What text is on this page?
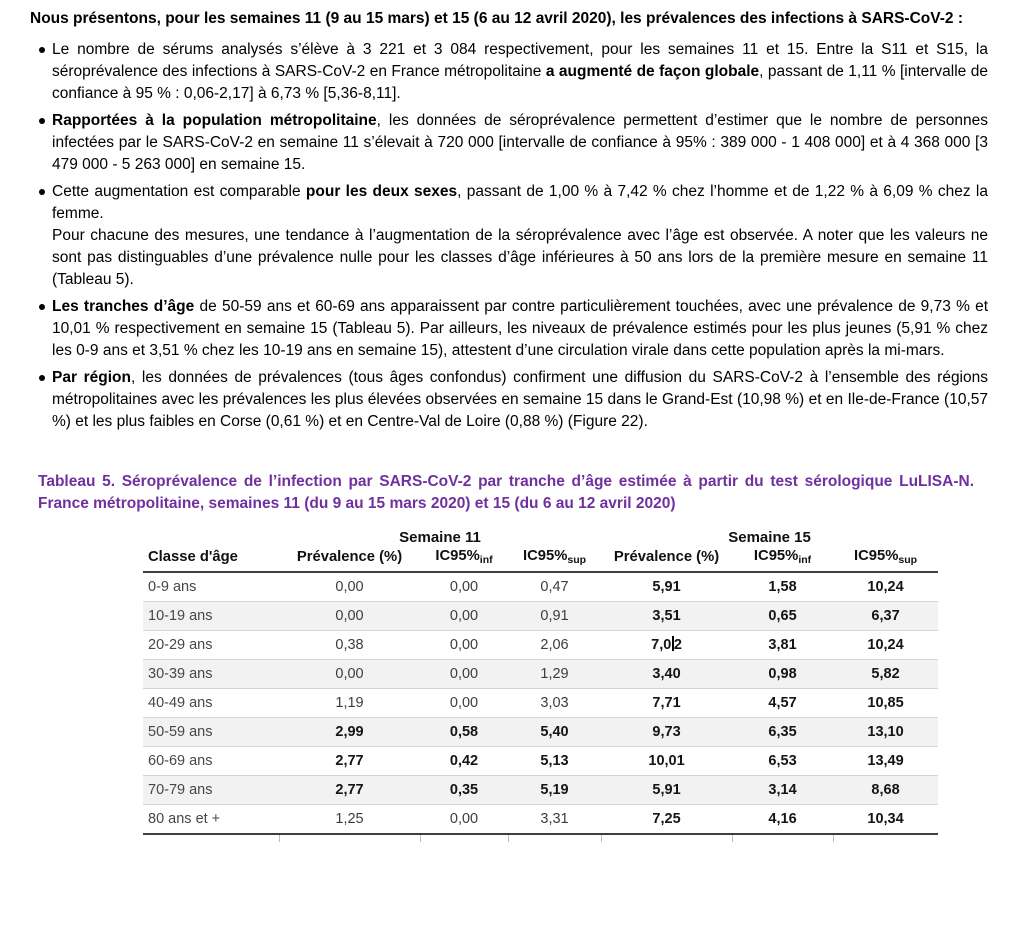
Nous présentons, pour les semaines 11 (9 au 15 mars) et 15 (6 au 12 avril 2020), les prévalences des infections à SARS-CoV-2 :

Le nombre de sérums analysés s’élève à 3 221 et 3 084 respectivement, pour les semaines 11 et 15. Entre la S11 et S15, la séroprévalence des infections à SARS-CoV-2 en France métropolitaine a augmenté de façon globale, passant de 1,11 % [intervalle de confiance à 95 % : 0,06-2,17] à 6,73 % [5,36-8,11].

Rapportées à la population métropolitaine, les données de séroprévalence permettent d’estimer que le nombre de personnes infectées par le SARS-CoV-2 en semaine 11 s’élevait à 720 000 [intervalle de confiance à 95% : 389 000 - 1 408 000] et à 4 368 000 [3 479 000 - 5 263 000] en semaine 15.

Cette augmentation est comparable pour les deux sexes, passant de 1,00 % à 7,42 % chez l’homme et de 1,22 % à 6,09 % chez la femme.

Pour chacune des mesures, une tendance à l’augmentation de la séroprévalence avec l’âge est observée. A noter que les valeurs ne sont pas distinguables d’une prévalence nulle pour les classes d’âge inférieures à 50 ans lors de la première mesure en semaine 11 (Tableau 5).

Les tranches d’âge de 50-59 ans et 60-69 ans apparaissent par contre particulièrement touchées, avec une prévalence de 9,73 % et 10,01 % respectivement en semaine 15 (Tableau 5). Par ailleurs, les niveaux de prévalence estimés pour les plus jeunes (5,91 % chez les 0-9 ans et 3,51 % chez les 10-19 ans en semaine 15), attestent d’une circulation virale dans cette population après la mi-mars.

Par région, les données de prévalences (tous âges confondus) confirment une diffusion du SARS-CoV-2 à l’ensemble des régions métropolitaines avec les prévalences les plus élevées observées en semaine 15 dans le Grand-Est (10,98 %) et en Ile-de-France (10,57 %) et les plus faibles en Corse (0,61 %) et en Centre-Val de Loire (0,88 %) (Figure 22).

Tableau 5. Séroprévalence de l’infection par SARS-CoV-2 par tranche d’âge estimée à partir du test sérologique LuLISA-N. France métropolitaine, semaines 11 (du 9 au 15 mars 2020) et 15 (du 6 au 12 avril 2020)

	Semaine 11			Semaine 15		
Classe d'âge	Prévalence (%)	$IC95\%_{inf}$	$IC95\%_{sup}$	Prévalence (%)	$IC95\%_{inf}$	$IC95\%_{sup}$
0-9 ans	0,00	0,00	0,47	5,91	1,58	10,24
10-19 ans	0,00	0,00	0,91	3,51	0,65	6,37
20-29 ans	0,38	0,00	2,06	7,0 2	3,81	10,24
30-39 ans	0,00	0,00	1,29	3,40	0,98	5,82
40-49 ans	1,19	0,00	3,03	7,71	4,57	10,85
50-59 ans	2,99	0,58	5,40	9,73	6,35	13,10
60-69 ans	2,77	0,42	5,13	10,01	6,53	13,49
70-79 ans	2,77	0,35	5,19	5,91	3,14	8,68
80 ans et +	1,25	0,00	3,31	7,25	4,16	10,34
